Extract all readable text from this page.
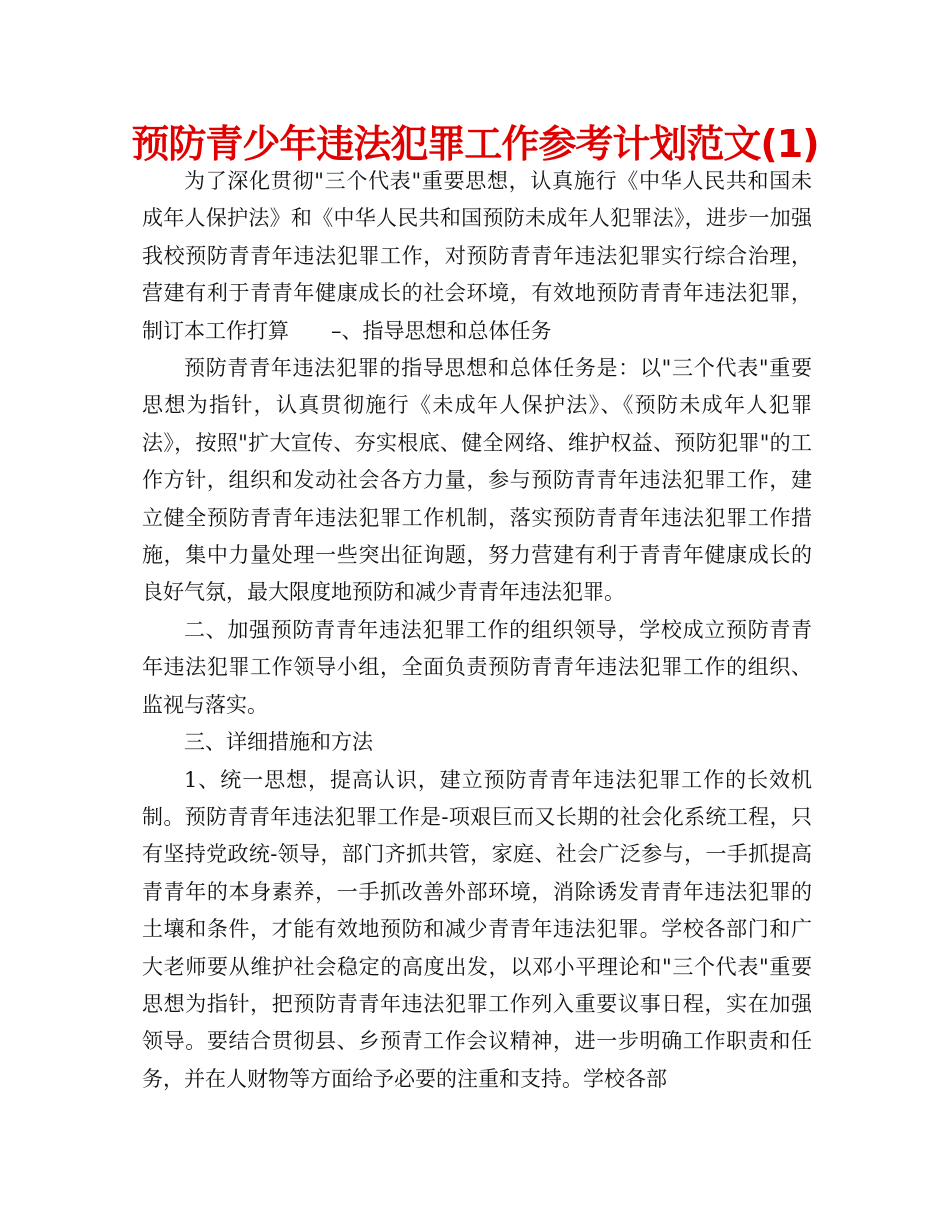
预防青少年违法犯罪工作参考计划范文(1)

为了深化贯彻"三个代表"重要思想，认真施行《中华人民共和国未成年人保护法》和《中华人民共和国预防未成年人犯罪法》，进步一加强我校预防青青年违法犯罪工作，对预防青青年违法犯罪实行综合治理，营建有利于青青年健康成长的社会环境，有效地预防青青年违法犯罪，制订本工作打算　　–、指导思想和总体任务

预防青青年违法犯罪的指导思想和总体任务是：以"三个代表"重要思想为指针，认真贯彻施行《未成年人保护法》、《预防未成年人犯罪法》，按照"扩大宣传、夯实根底、健全网络、维护权益、预防犯罪"的工作方针，组织和发动社会各方力量，参与预防青青年违法犯罪工作，建立健全预防青青年违法犯罪工作机制，落实预防青青年违法犯罪工作措施，集中力量处理一些突出征询题，努力营建有利于青青年健康成长的良好气氛，最大限度地预防和减少青青年违法犯罪。

二、加强预防青青年违法犯罪工作的组织领导，学校成立预防青青年违法犯罪工作领导小组，全面负责预防青青年违法犯罪工作的组织、监视与落实。

三、详细措施和方法

1、统一思想，提高认识，建立预防青青年违法犯罪工作的长效机制。预防青青年违法犯罪工作是-项艰巨而又长期的社会化系统工程，只有坚持党政统-领导，部门齐抓共管，家庭、社会广泛参与，一手抓提高青青年的本身素养，一手抓改善外部环境，消除诱发青青年违法犯罪的土壤和条件，才能有效地预防和减少青青年违法犯罪。学校各部门和广大老师要从维护社会稳定的高度出发，以邓小平理论和"三个代表"重要思想为指针，把预防青青年违法犯罪工作列入重要议事日程，实在加强领导。要结合贯彻县、乡预青工作会议精神，进一步明确工作职责和任务，并在人财物等方面给予必要的注重和支持。学校各部
